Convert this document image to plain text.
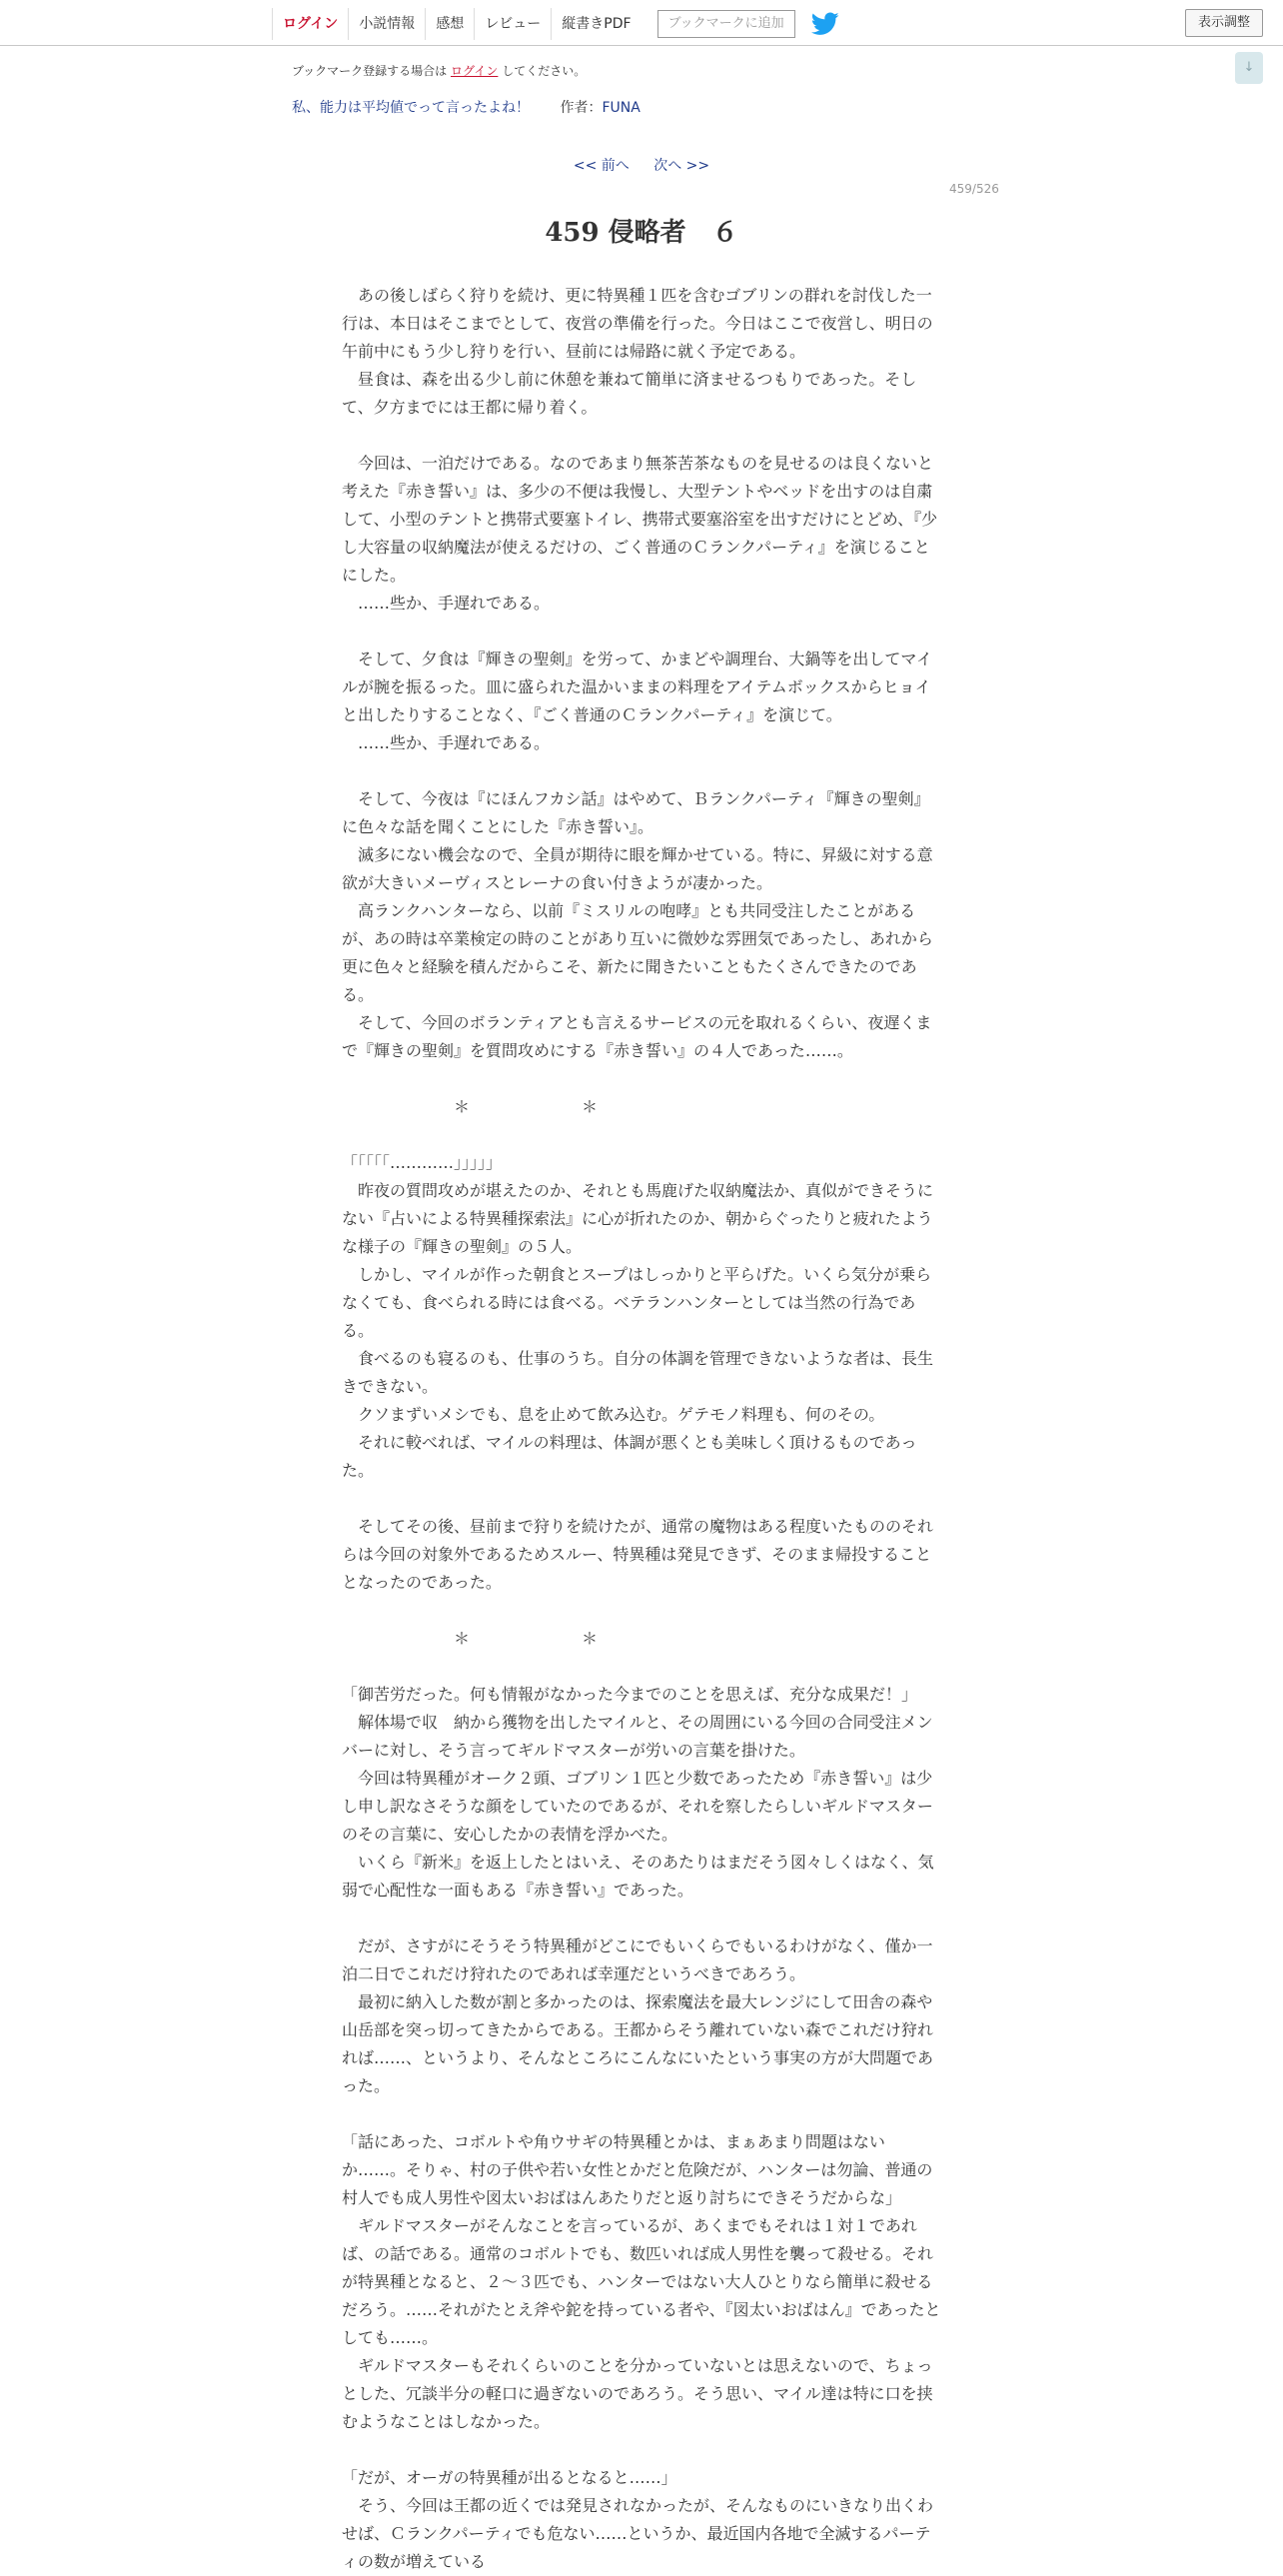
ログイン	小説情報	感想	レビュー	縦書きPDF	ブックマークに追加	表示調整
↓
ブックマーク登録する場合は ログイン してください。
私、能力は平均値でって言ったよね！ 作者：FUNA
<< 前へ 次へ >>
459/526
459 侵略者　６

　あの後しばらく狩りを続け、更に特異種１匹を含むゴブリンの群れを討伐した一行は、本日はそこまでとして、夜営の準備を行った。今日はここで夜営し、明日の午前中にもう少し狩りを行い、昼前には帰路に就く予定である。

　昼食は、森を出る少し前に休憩を兼ねて簡単に済ませるつもりであった。そして、夕方までには王都に帰り着く。

　今回は、一泊だけである。なのであまり無茶苦茶なものを見せるのは良くないと考えた『赤き誓い』は、多少の不便は我慢し、大型テントやベッドを出すのは自粛して、小型のテントと携帯式要塞トイレ、携帯式要塞浴室を出すだけにとどめ、『少し大容量の収納魔法が使えるだけの、ごく普通のＣランクパーティ』を演じることにした。

　……些か、手遅れである。

　そして、夕食は『輝きの聖剣』を労って、かまどや調理台、大鍋等を出してマイルが腕を振るった。皿に盛られた温かいままの料理をアイテムボックスからヒョイと出したりすることなく、『ごく普通のＣランクパーティ』を演じて。

　……些か、手遅れである。

　そして、今夜は『にほんフカシ話』はやめて、Ｂランクパーティ『輝きの聖剣』に色々な話を聞くことにした『赤き誓い』。

　滅多にない機会なので、全員が期待に眼を輝かせている。特に、昇級に対する意欲が大きいメーヴィスとレーナの食い付きようが凄かった。

　高ランクハンターなら、以前『ミスリルの咆哮』とも共同受注したことがあるが、あの時は卒業検定の時のことがあり互いに微妙な雰囲気であったし、あれから更に色々と経験を積んだからこそ、新たに聞きたいこともたくさんできたのである。

　そして、今回のボランティアとも言えるサービスの元を取れるくらい、夜遅くまで『輝きの聖剣』を質問攻めにする『赤き誓い』の４人であった……。

　　　　　　　＊　　　　　　　＊

「「「「「…………」」」」」

　昨夜の質問攻めが堪えたのか、それとも馬鹿げた収納魔法か、真似ができそうにない『占いによる特異種探索法』に心が折れたのか、朝からぐったりと疲れたような様子の『輝きの聖剣』の５人。

　しかし、マイルが作った朝食とスープはしっかりと平らげた。いくら気分が乗らなくても、食べられる時には食べる。ベテランハンターとしては当然の行為である。

　食べるのも寝るのも、仕事のうち。自分の体調を管理できないような者は、長生きできない。

　クソまずいメシでも、息を止めて飲み込む。ゲテモノ料理も、何のその。

　それに較べれば、マイルの料理は、体調が悪くとも美味しく頂けるものであった。

　そしてその後、昼前まで狩りを続けたが、通常の魔物はある程度いたもののそれらは今回の対象外であるためスルー、特異種は発見できず、そのまま帰投することとなったのであった。

　　　　　　　＊　　　　　　　＊

「御苦労だった。何も情報がなかった今までのことを思えば、充分な成果だ！」

　解体場で収　納から獲物を出したマイルと、その周囲にいる今回の合同受注メンバーに対し、そう言ってギルドマスターが労いの言葉を掛けた。

　今回は特異種がオーク２頭、ゴブリン１匹と少数であったため『赤き誓い』は少し申し訳なさそうな顔をしていたのであるが、それを察したらしいギルドマスターのその言葉に、安心したかの表情を浮かべた。

　いくら『新米』を返上したとはいえ、そのあたりはまだそう図々しくはなく、気弱で心配性な一面もある『赤き誓い』であった。

　だが、さすがにそうそう特異種がどこにでもいくらでもいるわけがなく、僅か一泊二日でこれだけ狩れたのであれば幸運だというべきであろう。

　最初に納入した数が割と多かったのは、探索魔法を最大レンジにして田舎の森や山岳部を突っ切ってきたからである。王都からそう離れていない森でこれだけ狩れれば……、というより、そんなところにこんなにいたという事実の方が大問題であった。

「話にあった、コボルトや角ウサギの特異種とかは、まぁあまり問題はないか……。そりゃ、村の子供や若い女性とかだと危険だが、ハンターは勿論、普通の村人でも成人男性や図太いおばはんあたりだと返り討ちにできそうだからな」

　ギルドマスターがそんなことを言っているが、あくまでもそれは１対１であれば、の話である。通常のコボルトでも、数匹いれば成人男性を襲って殺せる。それが特異種となると、２～３匹でも、ハンターではない大人ひとりなら簡単に殺せるだろう。……それがたとえ斧や鉈を持っている者や、『図太いおばはん』であったとしても……。

　ギルドマスターもそれくらいのことを分かっていないとは思えないので、ちょっとした、冗談半分の軽口に過ぎないのであろう。そう思い、マイル達は特に口を挟むようなことはしなかった。

「だが、オーガの特異種が出るとなると……」

　そう、今回は王都の近くでは発見されなかったが、そんなものにいきなり出くわせば、Ｃランクパーティでも危ない……というか、最近国内各地で全滅するパーティの数が増えている
